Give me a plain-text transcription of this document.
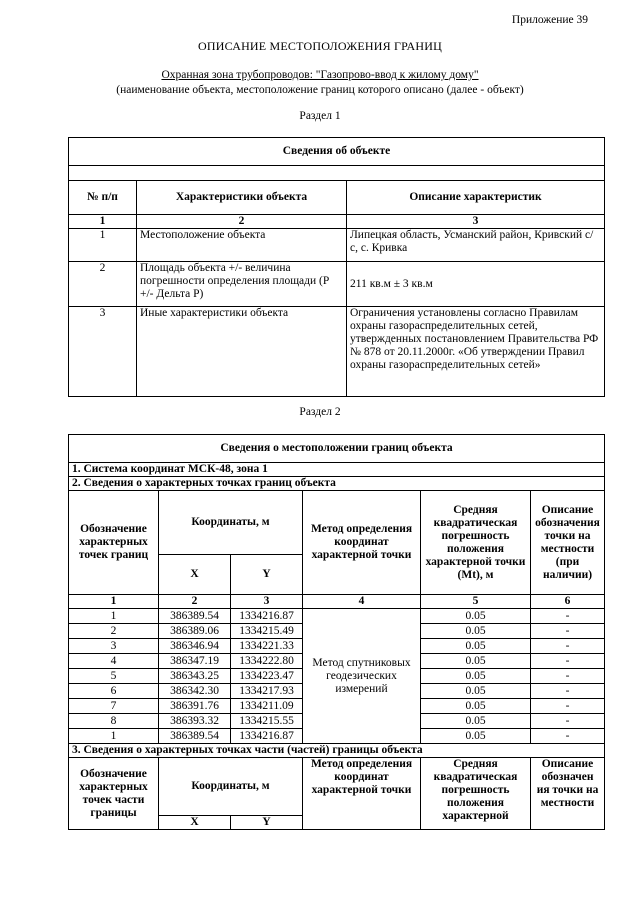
Приложение 39
ОПИСАНИЕ МЕСТОПОЛОЖЕНИЯ ГРАНИЦ
Охранная зона трубопроводов: "Газопрово-ввод к жилому дому"
(наименование объекта, местоположение границ которого описано (далее - объект)
Раздел 1
Сведения об объекте		

№ п/п	Характеристики объекта	Описание характеристик
1	2	3
1	Местоположение объекта	Липецкая область, Усманский район, Кривский с/с, с. Кривка
2	Площадь объекта +/- величина погрешности определения площади (Р +/- Дельта Р)	211 кв.м ± 3 кв.м
3	Иные характеристики объекта	Ограничения установлены согласно Правилам охраны газораспределительных сетей, утвержденных постановлением Правительства РФ № 878 от 20.11.2000г. «Об утверждении Правил охраны газораспределительных сетей»
Раздел 2
Сведения о местоположении границ объекта					
1. Система координат МСК-48, зона 1					
2. Сведения о характерных точках границ объекта					
Обозначение характерных точек границ	Координаты, м		Метод определения координат характерной точки	Средняя квадратическая погрешность положения характерной точки (Mt), м	Описание обозначения точки на местности (при наличии)
	X	Y			
1	2	3	4	5	6
1	386389.54	1334216.87	Метод спутниковых геодезических измерений	0.05	-
2	386389.06	1334215.49		0.05	-
3	386346.94	1334221.33		0.05	-
4	386347.19	1334222.80		0.05	-
5	386343.25	1334223.47		0.05	-
6	386342.30	1334217.93		0.05	-
7	386391.76	1334211.09		0.05	-
8	386393.32	1334215.55		0.05	-
1	386389.54	1334216.87		0.05	-
3. Сведения о характерных точках части (частей) границы объекта					
Обозначение характерных точек части границы	Координаты, м		Метод определения координат характерной точки	Средняя квадратическая погрешность положения характерной	Описание обозначен ия точки на местности
	X	Y			
